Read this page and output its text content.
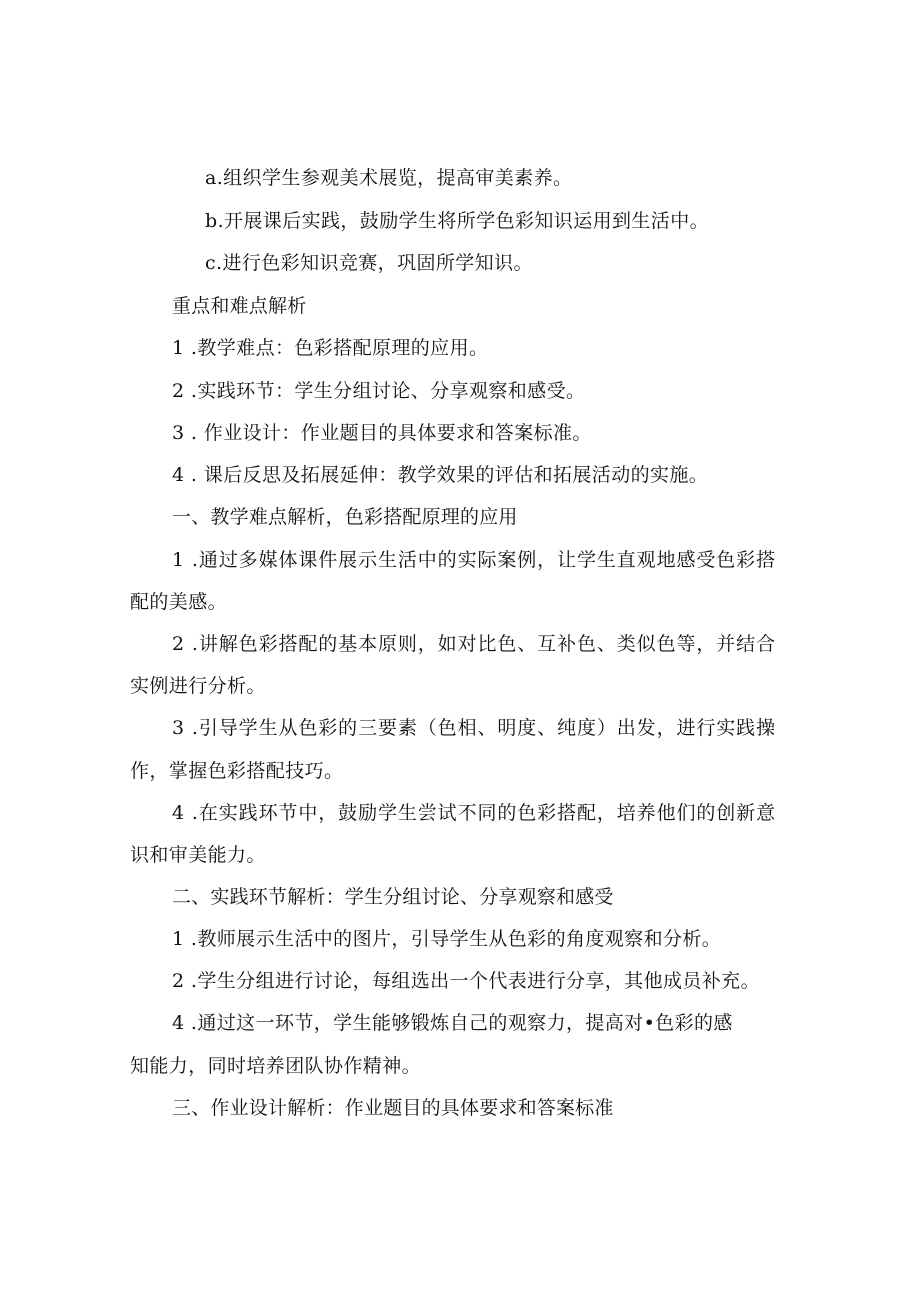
a.组织学生参观美术展览，提高审美素养。
b.开展课后实践，鼓励学生将所学色彩知识运用到生活中。
c.进行色彩知识竞赛，巩固所学知识。
重点和难点解析
1 .教学难点：色彩搭配原理的应用。
2 .实践环节：学生分组讨论、分享观察和感受。
3 . 作业设计：作业题目的具体要求和答案标准。
4 . 课后反思及拓展延伸：教学效果的评估和拓展活动的实施。
一、教学难点解析，色彩搭配原理的应用
1 .通过多媒体课件展示生活中的实际案例，让学生直观地感受色彩搭
配的美感。
2 .讲解色彩搭配的基本原则，如对比色、互补色、类似色等，并结合
实例进行分析。
3 .引导学生从色彩的三要素（色相、明度、纯度）出发，进行实践操
作，掌握色彩搭配技巧。
4 .在实践环节中，鼓励学生尝试不同的色彩搭配，培养他们的创新意
识和审美能力。
二、实践环节解析：学生分组讨论、分享观察和感受
1 .教师展示生活中的图片，引导学生从色彩的角度观察和分析。
2 .学生分组进行讨论，每组选出一个代表进行分享，其他成员补充。
4 .通过这一环节，学生能够锻炼自己的观察力，提高对•色彩的感
知能力，同时培养团队协作精神。
三、作业设计解析：作业题目的具体要求和答案标准
